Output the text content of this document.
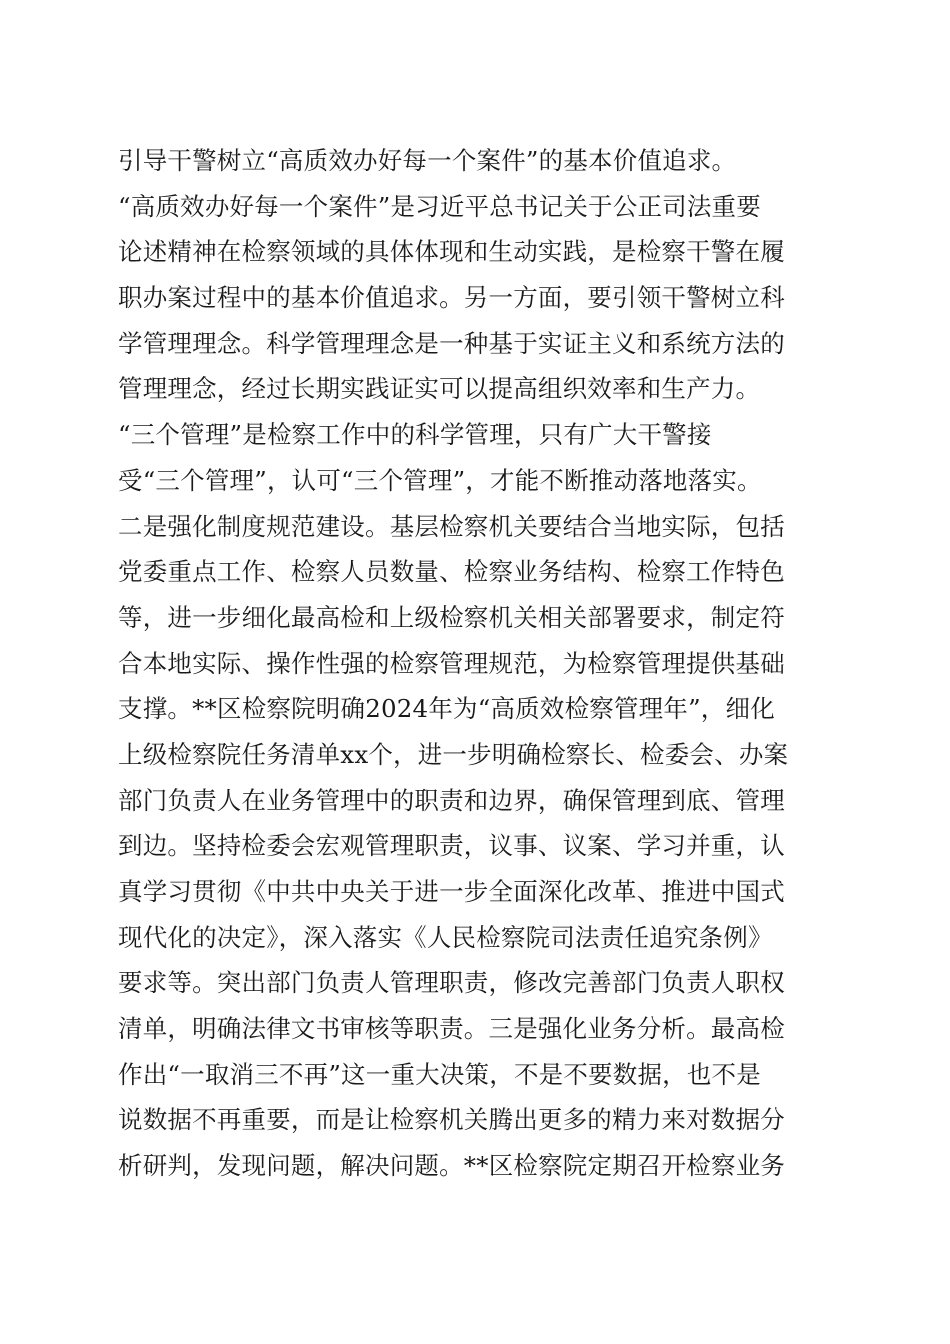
引导干警树立“高质效办好每一个案件”的基本价值追求。
“高质效办好每一个案件”是习近平总书记关于公正司法重要
论述精神在检察领域的具体体现和生动实践，是检察干警在履
职办案过程中的基本价值追求。另一方面，要引领干警树立科
学管理理念。科学管理理念是一种基于实证主义和系统方法的
管理理念，经过长期实践证实可以提高组织效率和生产力。
“三个管理”是检察工作中的科学管理，只有广大干警接
受“三个管理”，认可“三个管理”，才能不断推动落地落实。
二是强化制度规范建设。基层检察机关要结合当地实际，包括
党委重点工作、检察人员数量、检察业务结构、检察工作特色
等，进一步细化最高检和上级检察机关相关部署要求，制定符
合本地实际、操作性强的检察管理规范，为检察管理提供基础
支撑。**区检察院明确2024年为“高质效检察管理年”，细化
上级检察院任务清单xx个，进一步明确检察长、检委会、办案
部门负责人在业务管理中的职责和边界，确保管理到底、管理
到边。坚持检委会宏观管理职责，议事、议案、学习并重，认
真学习贯彻《中共中央关于进一步全面深化改革、推进中国式
现代化的决定》，深入落实《人民检察院司法责任追究条例》
要求等。突出部门负责人管理职责，修改完善部门负责人职权
清单，明确法律文书审核等职责。三是强化业务分析。最高检
作出“一取消三不再”这一重大决策，不是不要数据，也不是
说数据不再重要，而是让检察机关腾出更多的精力来对数据分
析研判，发现问题，解决问题。**区检察院定期召开检察业务
